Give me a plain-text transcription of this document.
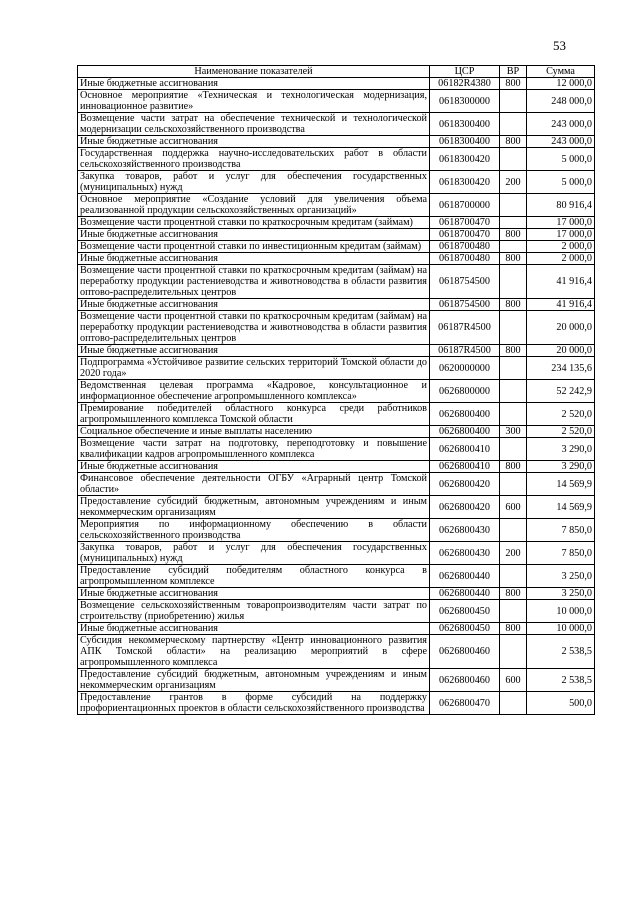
53
Наименование показателей	ЦСР	ВР	Сумма
Иные бюджетные ассигнования	06182R4380	800	12 000,0
Основное мероприятие «Техническая и технологическая модернизация, инновационное развитие»	0618300000		248 000,0
Возмещение части затрат на обеспечение технической и технологической модернизации сельскохозяйственного производства	0618300400		243 000,0
Иные бюджетные ассигнования	0618300400	800	243 000,0
Государственная поддержка научно-исследовательских работ в области сельскохозяйственного производства	0618300420		5 000,0
Закупка товаров, работ и услуг для обеспечения государственных (муниципальных) нужд	0618300420	200	5 000,0
Основное мероприятие «Создание условий для увеличения объема реализованной продукции сельскохозяйственных организаций»	0618700000		80 916,4
Возмещение части процентной ставки по краткосрочным кредитам (займам)	0618700470		17 000,0
Иные бюджетные ассигнования	0618700470	800	17 000,0
Возмещение части процентной ставки по инвестиционным кредитам (займам)	0618700480		2 000,0
Иные бюджетные ассигнования	0618700480	800	2 000,0
Возмещение части процентной ставки по краткосрочным кредитам (займам) на переработку продукции растениеводства и животноводства в области развития оптово-распределительных центров	0618754500		41 916,4
Иные бюджетные ассигнования	0618754500	800	41 916,4
Возмещение части процентной ставки по краткосрочным кредитам (займам) на переработку продукции растениеводства и животноводства в области развития оптово-распределительных центров	06187R4500		20 000,0
Иные бюджетные ассигнования	06187R4500	800	20 000,0
Подпрограмма «Устойчивое развитие сельских территорий Томской области до 2020 года»	0620000000		234 135,6
Ведомственная целевая программа «Кадровое, консультационное и информационное обеспечение агропромышленного комплекса»	0626800000		52 242,9
Премирование победителей областного конкурса среди работников агропромышленного комплекса Томской области	0626800400		2 520,0
Социальное обеспечение и иные выплаты населению	0626800400	300	2 520,0
Возмещение части затрат на подготовку, переподготовку и повышение квалификации кадров агропромышленного комплекса	0626800410		3 290,0
Иные бюджетные ассигнования	0626800410	800	3 290,0
Финансовое обеспечение деятельности ОГБУ «Аграрный центр Томской области»	0626800420		14 569,9
Предоставление субсидий бюджетным, автономным учреждениям и иным некоммерческим организациям	0626800420	600	14 569,9
Мероприятия по информационному обеспечению в области сельскохозяйственного производства	0626800430		7 850,0
Закупка товаров, работ и услуг для обеспечения государственных (муниципальных) нужд	0626800430	200	7 850,0
Предоставление субсидий победителям областного конкурса в агропромышленном комплексе	0626800440		3 250,0
Иные бюджетные ассигнования	0626800440	800	3 250,0
Возмещение сельскохозяйственным товаропроизводителям части затрат по строительству (приобретению) жилья	0626800450		10 000,0
Иные бюджетные ассигнования	0626800450	800	10 000,0
Субсидия некоммерческому партнерству «Центр инновационного развития АПК Томской области» на реализацию мероприятий в сфере агропромышленного комплекса	0626800460		2 538,5
Предоставление субсидий бюджетным, автономным учреждениям и иным некоммерческим организациям	0626800460	600	2 538,5
Предоставление грантов в форме субсидий на поддержку профориентационных проектов в области сельскохозяйственного производства	0626800470		500,0
